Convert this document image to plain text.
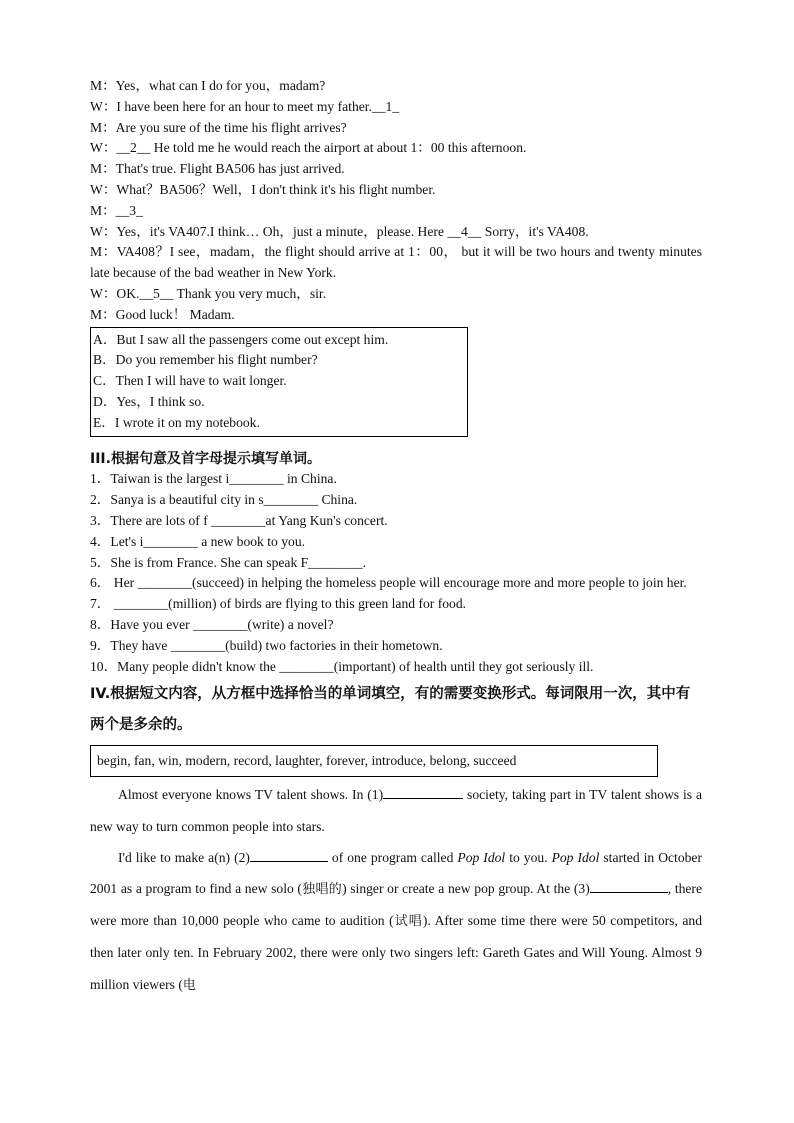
M：Yes，what can I do for you，madam?
W：I have been here for an hour to meet my father.__1_
M：Are you sure of the time his flight arrives?
W：__2__ He told me he would reach the airport at about 1：00 this afternoon.
M：That's true. Flight BA506 has just arrived.
W：What？BA506？Well，I don't think it's his flight number.
M：__3_
W：Yes，it's VA407.I think… Oh，just a minute，please. Here __4__ Sorry，it's VA408.
M：VA408？I see，madam，the flight should arrive at 1：00， but it will be two hours and twenty minutes late because of the bad weather in New York.
W：OK.__5__ Thank you very much，sir.
M：Good luck！ Madam.
A．But I saw all the passengers come out except him.
B．Do you remember his flight number?
C．Then I will have to wait longer.
D．Yes，I think so.
E．I wrote it on my notebook.
III.根据句意及首字母提示填写单词。
1．Taiwan is the largest i________ in China.
2．Sanya is a beautiful city in s________ China.
3．There are lots of f ________at Yang Kun's concert.
4．Let's i________ a new book to you.
5．She is from France. She can speak F________.
6． Her ________(succeed) in helping the homeless people will encourage more and more people to join her.
7． ________(million) of birds are flying to this green land for food.
8．Have you ever ________(write) a novel?
9．They have ________(build) two factories in their hometown.
10．Many people didn't know the ________(important) of health until they got seriously ill.
IV.根据短文内容，从方框中选择恰当的单词填空，有的需要变换形式。每词限用一次，其中有两个是多余的。
begin, fan, win, modern, record, laughter, forever, introduce, belong, succeed
Almost everyone knows TV talent shows. In (1)	society, taking part in TV talent shows is a new way to turn common people into stars.
I'd like to make a(n) (2)	of one program called Pop Idol to you. Pop Idol started in October 2001 as a program to find a new solo (独唱的) singer or create a new pop group. At the (3)	, there were more than 10,000 people who came to audition (试唱). After some time there were 50 competitors, and then later only ten. In February 2002, there were only two singers left: Gareth Gates and Will Young. Almost 9 million viewers (电
